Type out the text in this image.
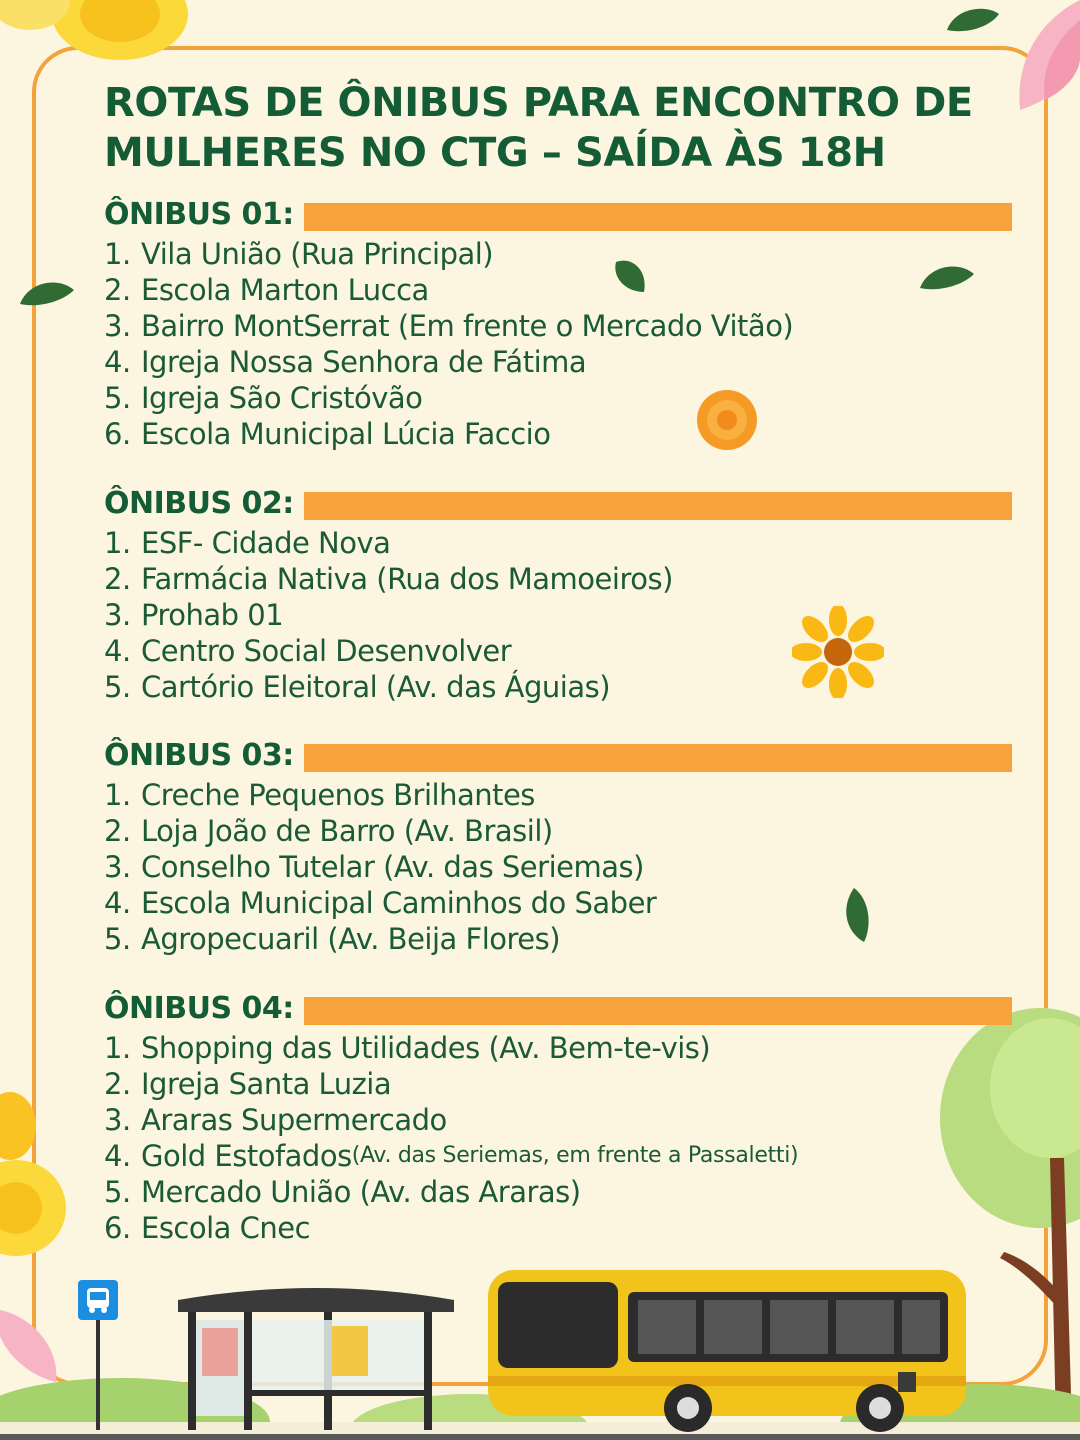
ROTAS DE ÔNIBUS PARA ENCONTRO DE
MULHERES NO CTG – SAÍDA ÀS 18H
ÔNIBUS 01:
1. Vila União (Rua Principal)
2. Escola Marton Lucca
3. Bairro MontSerrat (Em frente o Mercado Vitão)
4. Igreja Nossa Senhora de Fátima
5. Igreja São Cristóvão
6. Escola Municipal Lúcia Faccio
ÔNIBUS 02:
1. ESF- Cidade Nova
2. Farmácia Nativa (Rua dos Mamoeiros)
3. Prohab 01
4. Centro Social Desenvolver
5. Cartório Eleitoral (Av. das Águias)
ÔNIBUS 03:
1. Creche Pequenos Brilhantes
2. Loja João de Barro (Av. Brasil)
3. Conselho Tutelar (Av. das Seriemas)
4. Escola Municipal Caminhos do Saber
5. Agropecuaril (Av. Beija Flores)
ÔNIBUS 04:
1. Shopping das Utilidades (Av. Bem-te-vis)
2. Igreja Santa Luzia
3. Araras Supermercado
4. Gold Estofados (Av. das Seriemas, em frente a Passaletti)
5. Mercado União (Av. das Araras)
6. Escola Cnec
